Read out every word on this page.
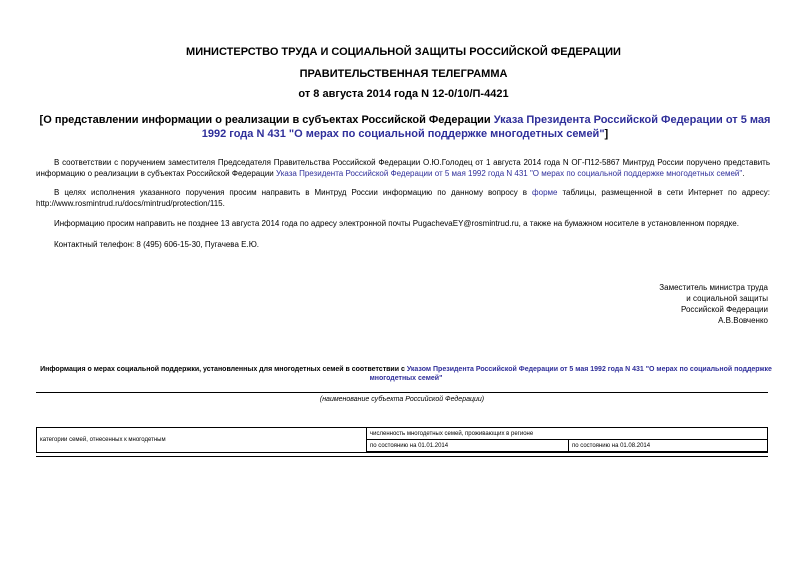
МИНИСТЕРСТВО ТРУДА И СОЦИАЛЬНОЙ ЗАЩИТЫ РОССИЙСКОЙ ФЕДЕРАЦИИ
ПРАВИТЕЛЬСТВЕННАЯ ТЕЛЕГРАММА
от 8 августа 2014 года N 12-0/10/П-4421
[О представлении информации о реализации в субъектах Российской Федерации Указа Президента Российской Федерации от 5 мая 1992 года N 431 "О мерах по социальной поддержке многодетных семей"]
В соответствии с поручением заместителя Председателя Правительства Российской Федерации О.Ю.Голодец от 1 августа 2014 года N ОГ-П12-5867 Минтруд России поручено представить информацию о реализации в субъектах Российской Федерации Указа Президента Российской Федерации от 5 мая 1992 года N 431 "О мерах по социальной поддержке многодетных семей".
В целях исполнения указанного поручения просим направить в Минтруд России информацию по данному вопросу в форме таблицы, размещенной в сети Интернет по адресу: http://www.rosmintrud.ru/docs/mintrud/protection/115.
Информацию просим направить не позднее 13 августа 2014 года по адресу электронной почты PugachevaEY@rosmintrud.ru, а также на бумажном носителе в установленном порядке.
Контактный телефон: 8 (495) 606-15-30, Пугачева Е.Ю.
Заместитель министра труда
и социальной защиты
Российской Федерации
А.В.Вовченко
Информация о мерах социальной поддержки, установленных для многодетных семей в соответствии с Указом Президента Российской Федерации от 5 мая 1992 года N 431 "О мерах по социальной поддержке многодетных семей"
(наименование субъекта Российской Федерации)
категории семей, отнесенных к многодетным	численность многодетных семей, проживающих в регионе	
	по состоянию на 01.01.2014	по состоянию на 01.08.2014
